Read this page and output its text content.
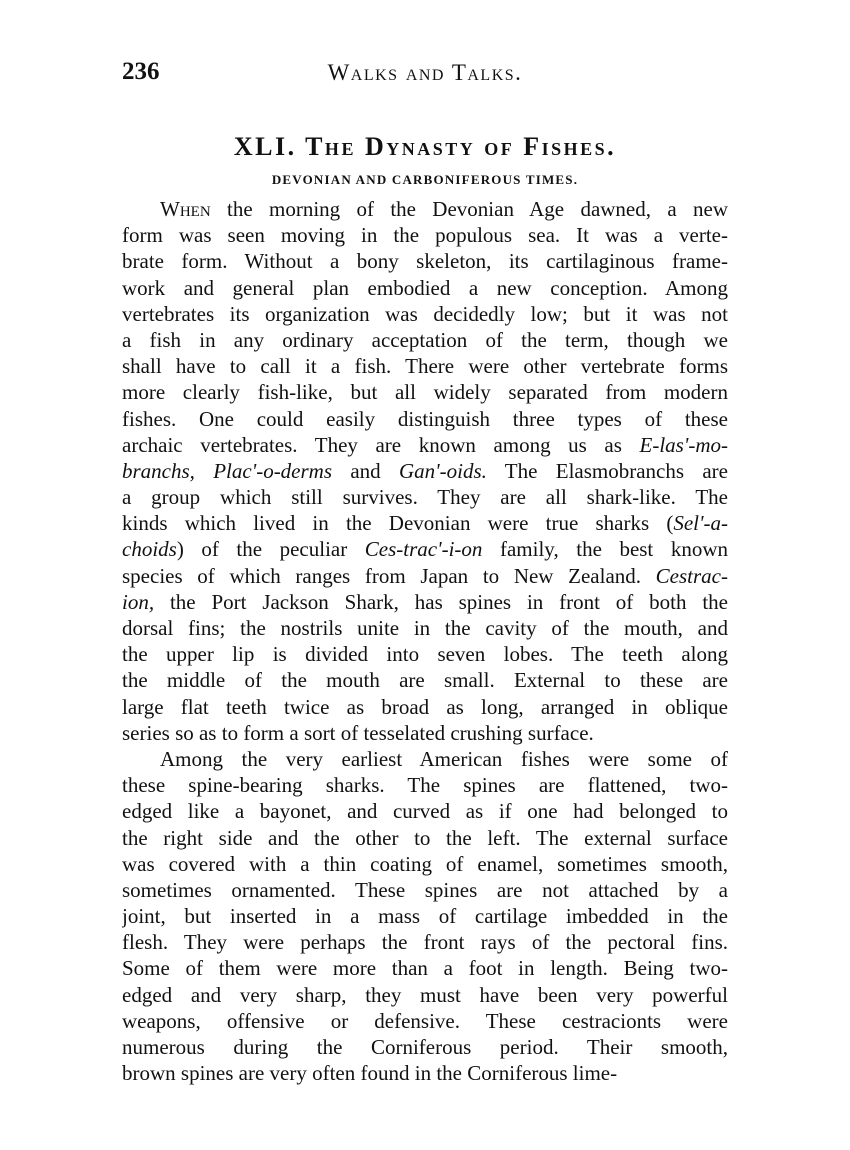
236	Walks and Talks.
XLI. The Dynasty of Fishes.
DEVONIAN AND CARBONIFEROUS TIMES.
When the morning of the Devonian Age dawned, a new
form was seen moving in the populous sea. It was a verte-
brate form. Without a bony skeleton, its cartilaginous frame-
work and general plan embodied a new conception. Among
vertebrates its organization was decidedly low; but it was not
a fish in any ordinary acceptation of the term, though we
shall have to call it a fish. There were other vertebrate forms
more clearly fish-like, but all widely separated from modern
fishes. One could easily distinguish three types of these
archaic vertebrates. They are known among us as E-las'-mo-
branchs, Plac'-o-derms and Gan'-oids. The Elasmobranchs are
a group which still survives. They are all shark-like. The
kinds which lived in the Devonian were true sharks (Sel'-a-
choids) of the peculiar Ces-trac'-i-on family, the best known
species of which ranges from Japan to New Zealand. Cestrac-
ion, the Port Jackson Shark, has spines in front of both the
dorsal fins; the nostrils unite in the cavity of the mouth, and
the upper lip is divided into seven lobes. The teeth along
the middle of the mouth are small. External to these are
large flat teeth twice as broad as long, arranged in oblique
series so as to form a sort of tesselated crushing surface.
Among the very earliest American fishes were some of
these spine-bearing sharks. The spines are flattened, two-
edged like a bayonet, and curved as if one had belonged to
the right side and the other to the left. The external surface
was covered with a thin coating of enamel, sometimes smooth,
sometimes ornamented. These spines are not attached by a
joint, but inserted in a mass of cartilage imbedded in the
flesh. They were perhaps the front rays of the pectoral fins.
Some of them were more than a foot in length. Being two-
edged and very sharp, they must have been very powerful
weapons, offensive or defensive. These cestracionts were
numerous during the Corniferous period. Their smooth,
brown spines are very often found in the Corniferous lime-
